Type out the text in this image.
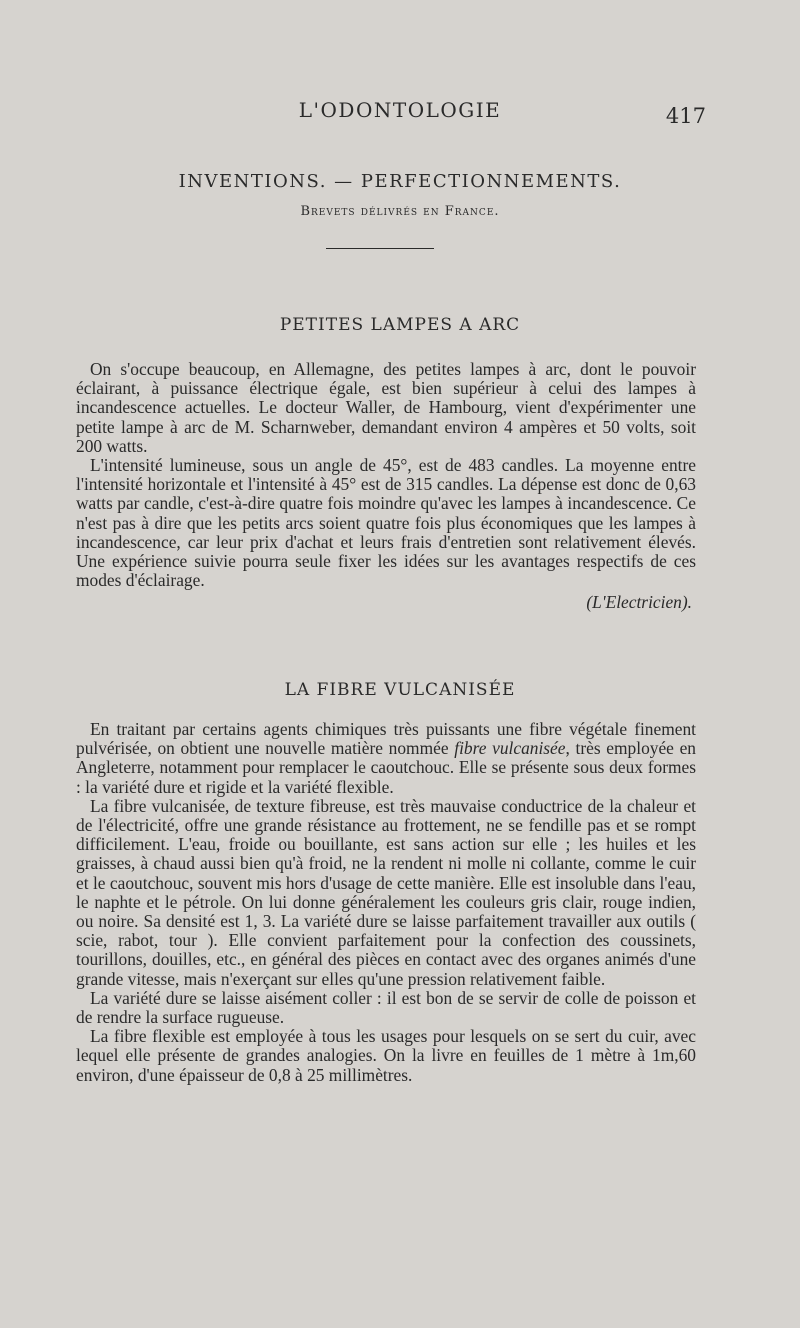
L'ODONTOLOGIE	417
INVENTIONS. — PERFECTIONNEMENTS.
Brevets délivrés en France.
PETITES LAMPES A ARC

On s'occupe beaucoup, en Allemagne, des petites lampes à arc, dont le pouvoir éclairant, à puissance électrique égale, est bien supérieur à celui des lampes à incandescence actuelles. Le docteur Waller, de Hambourg, vient d'expérimenter une petite lampe à arc de M. Scharnweber, demandant environ 4 ampères et 50 volts, soit 200 watts.

L'intensité lumineuse, sous un angle de 45°, est de 483 candles. La moyenne entre l'intensité horizontale et l'intensité à 45° est de 315 candles. La dépense est donc de 0,63 watts par candle, c'est-à-dire quatre fois moindre qu'avec les lampes à incandescence. Ce n'est pas à dire que les petits arcs soient quatre fois plus économiques que les lampes à incandescence, car leur prix d'achat et leurs frais d'entretien sont relativement élevés. Une expérience suivie pourra seule fixer les idées sur les avantages respectifs de ces modes d'éclairage.

(L'Electricien).
LA FIBRE VULCANISÉE

En traitant par certains agents chimiques très puissants une fibre végétale finement pulvérisée, on obtient une nouvelle matière nommée fibre vulcanisée, très employée en Angleterre, notamment pour remplacer le caoutchouc. Elle se présente sous deux formes : la variété dure et rigide et la variété flexible.

La fibre vulcanisée, de texture fibreuse, est très mauvaise conductrice de la chaleur et de l'électricité, offre une grande résistance au frottement, ne se fendille pas et se rompt difficilement. L'eau, froide ou bouillante, est sans action sur elle ; les huiles et les graisses, à chaud aussi bien qu'à froid, ne la rendent ni molle ni collante, comme le cuir et le caoutchouc, souvent mis hors d'usage de cette manière. Elle est insoluble dans l'eau, le naphte et le pétrole. On lui donne généralement les couleurs gris clair, rouge indien, ou noire. Sa densité est 1, 3. La variété dure se laisse parfaitement travailler aux outils ( scie, rabot, tour ). Elle convient parfaitement pour la confection des coussinets, tourillons, douilles, etc., en général des pièces en contact avec des organes animés d'une grande vitesse, mais n'exerçant sur elles qu'une pression relativement faible.

La variété dure se laisse aisément coller : il est bon de se servir de colle de poisson et de rendre la surface rugueuse.

La fibre flexible est employée à tous les usages pour lesquels on se sert du cuir, avec lequel elle présente de grandes analogies. On la livre en feuilles de 1 mètre à 1m,60 environ, d'une épaisseur de 0,8 à 25 millimètres.
